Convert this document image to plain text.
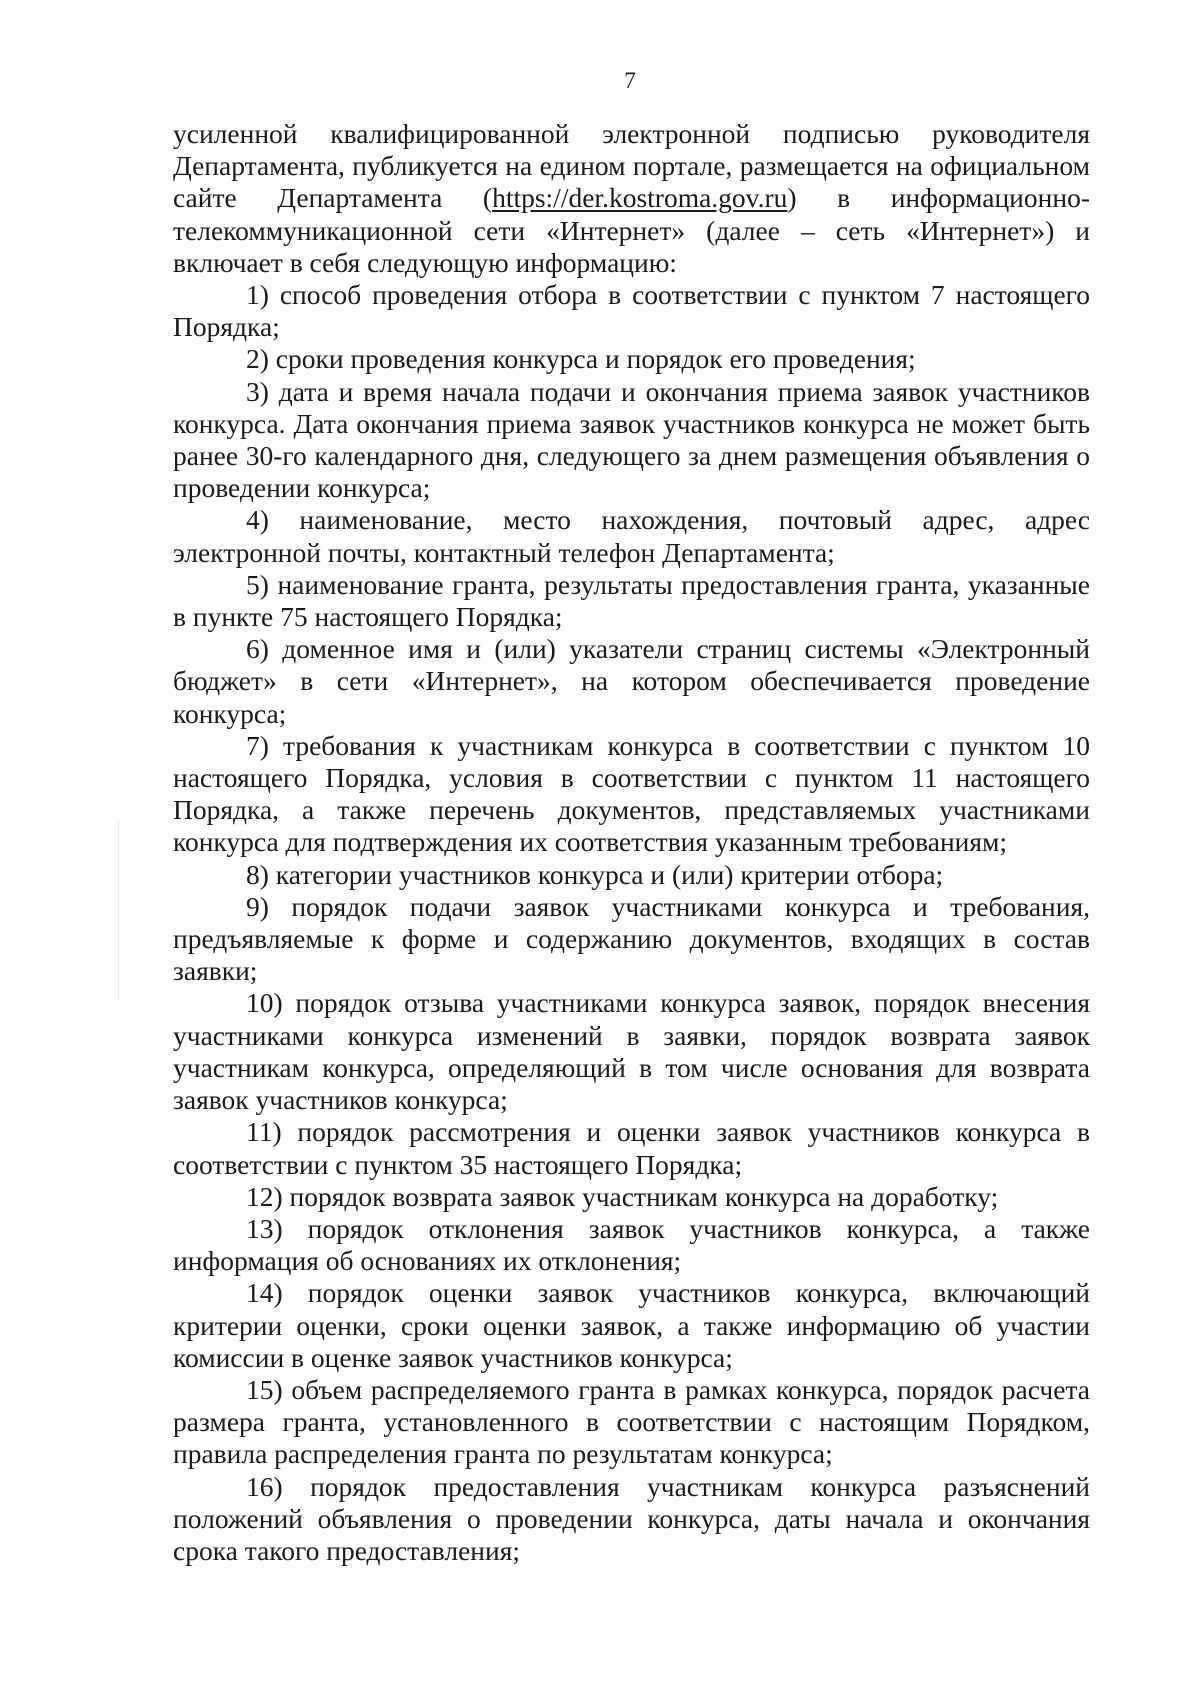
7

усиленной квалифицированной электронной подписью руководителя Департамента, публикуется на едином портале, размещается на официальном сайте Департамента (https://der.kostroma.gov.ru) в информационно-телекоммуникационной сети «Интернет» (далее – сеть «Интернет») и включает в себя следующую информацию:

1) способ проведения отбора в соответствии с пунктом 7 настоящего Порядка;

2) сроки проведения конкурса и порядок его проведения;

3) дата и время начала подачи и окончания приема заявок участников конкурса. Дата окончания приема заявок участников конкурса не может быть ранее 30-го календарного дня, следующего за днем размещения объявления о проведении конкурса;

4) наименование, место нахождения, почтовый адрес, адрес электронной почты, контактный телефон Департамента;

5) наименование гранта, результаты предоставления гранта, указанные в пункте 75 настоящего Порядка;

6) доменное имя и (или) указатели страниц системы «Электронный бюджет» в сети «Интернет», на котором обеспечивается проведение конкурса;

7) требования к участникам конкурса в соответствии с пунктом 10 настоящего Порядка, условия в соответствии с пунктом 11 настоящего Порядка, а также перечень документов, представляемых участниками конкурса для подтверждения их соответствия указанным требованиям;

8) категории участников конкурса и (или) критерии отбора;

9) порядок подачи заявок участниками конкурса и требования, предъявляемые к форме и содержанию документов, входящих в состав заявки;

10) порядок отзыва участниками конкурса заявок, порядок внесения участниками конкурса изменений в заявки, порядок возврата заявок участникам конкурса, определяющий в том числе основания для возврата заявок участников конкурса;

11) порядок рассмотрения и оценки заявок участников конкурса в соответствии с пунктом 35 настоящего Порядка;

12) порядок возврата заявок участникам конкурса на доработку;

13) порядок отклонения заявок участников конкурса, а также информация об основаниях их отклонения;

14) порядок оценки заявок участников конкурса, включающий критерии оценки, сроки оценки заявок, а также информацию об участии комиссии в оценке заявок участников конкурса;

15) объем распределяемого гранта в рамках конкурса, порядок расчета размера гранта, установленного в соответствии с настоящим Порядком, правила распределения гранта по результатам конкурса;

16) порядок предоставления участникам конкурса разъяснений положений объявления о проведении конкурса, даты начала и окончания срока такого предоставления;
